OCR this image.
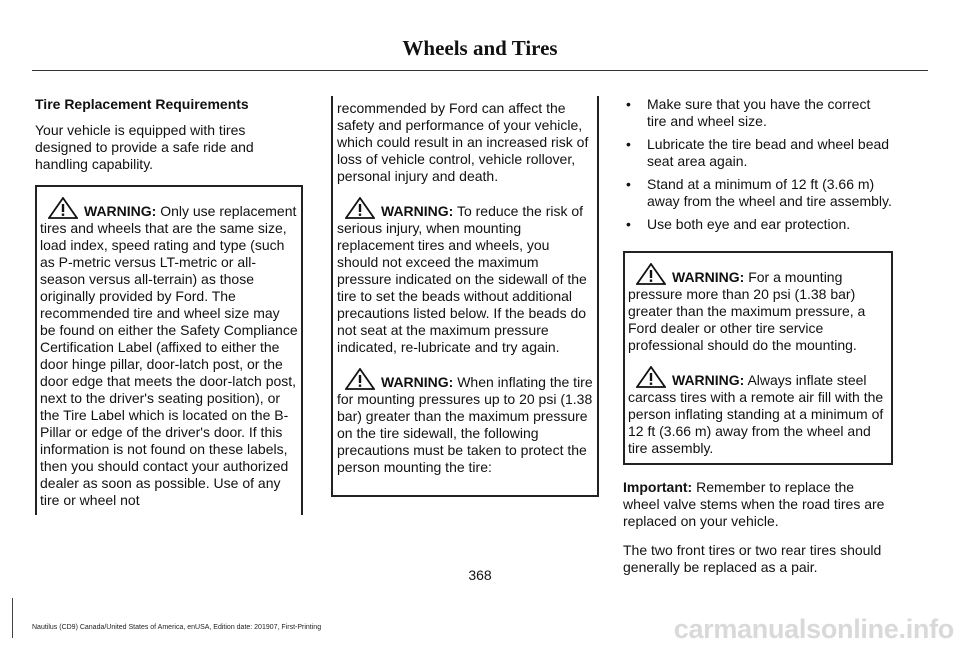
Wheels and Tires
Tire Replacement Requirements

Your vehicle is equipped with tires designed to provide a safe ride and handling capability.

WARNING: Only use replacement tires and wheels that are the same size, load index, speed rating and type (such as P-metric versus LT-metric or all-season versus all-terrain) as those originally provided by Ford. The recommended tire and wheel size may be found on either the Safety Compliance Certification Label (affixed to either the door hinge pillar, door-latch post, or the door edge that meets the door-latch post, next to the driver's seating position), or the Tire Label which is located on the B-Pillar or edge of the driver's door. If this information is not found on these labels, then you should contact your authorized dealer as soon as possible. Use of any tire or wheel not

recommended by Ford can affect the safety and performance of your vehicle, which could result in an increased risk of loss of vehicle control, vehicle rollover, personal injury and death.

WARNING: To reduce the risk of serious injury, when mounting replacement tires and wheels, you should not exceed the maximum pressure indicated on the sidewall of the tire to set the beads without additional precautions listed below. If the beads do not seat at the maximum pressure indicated, re-lubricate and try again.
WARNING: When inflating the tire for mounting pressures up to 20 psi (1.38 bar) greater than the maximum pressure on the tire sidewall, the following precautions must be taken to protect the person mounting the tire:
• Make sure that you have the correct tire and wheel size.
• Lubricate the tire bead and wheel bead seat area again.
• Stand at a minimum of 12 ft (3.66 m) away from the wheel and tire assembly.
• Use both eye and ear protection.
WARNING: For a mounting pressure more than 20 psi (1.38 bar) greater than the maximum pressure, a Ford dealer or other tire service professional should do the mounting.
WARNING: Always inflate steel carcass tires with a remote air fill with the person inflating standing at a minimum of 12 ft (3.66 m) away from the wheel and tire assembly.

Important: Remember to replace the wheel valve stems when the road tires are replaced on your vehicle.

The two front tires or two rear tires should generally be replaced as a pair.

368
Nautilus (CD9) Canada/United States of America, enUSA, Edition date: 201907, First-Printing	carmanualsonline.info
